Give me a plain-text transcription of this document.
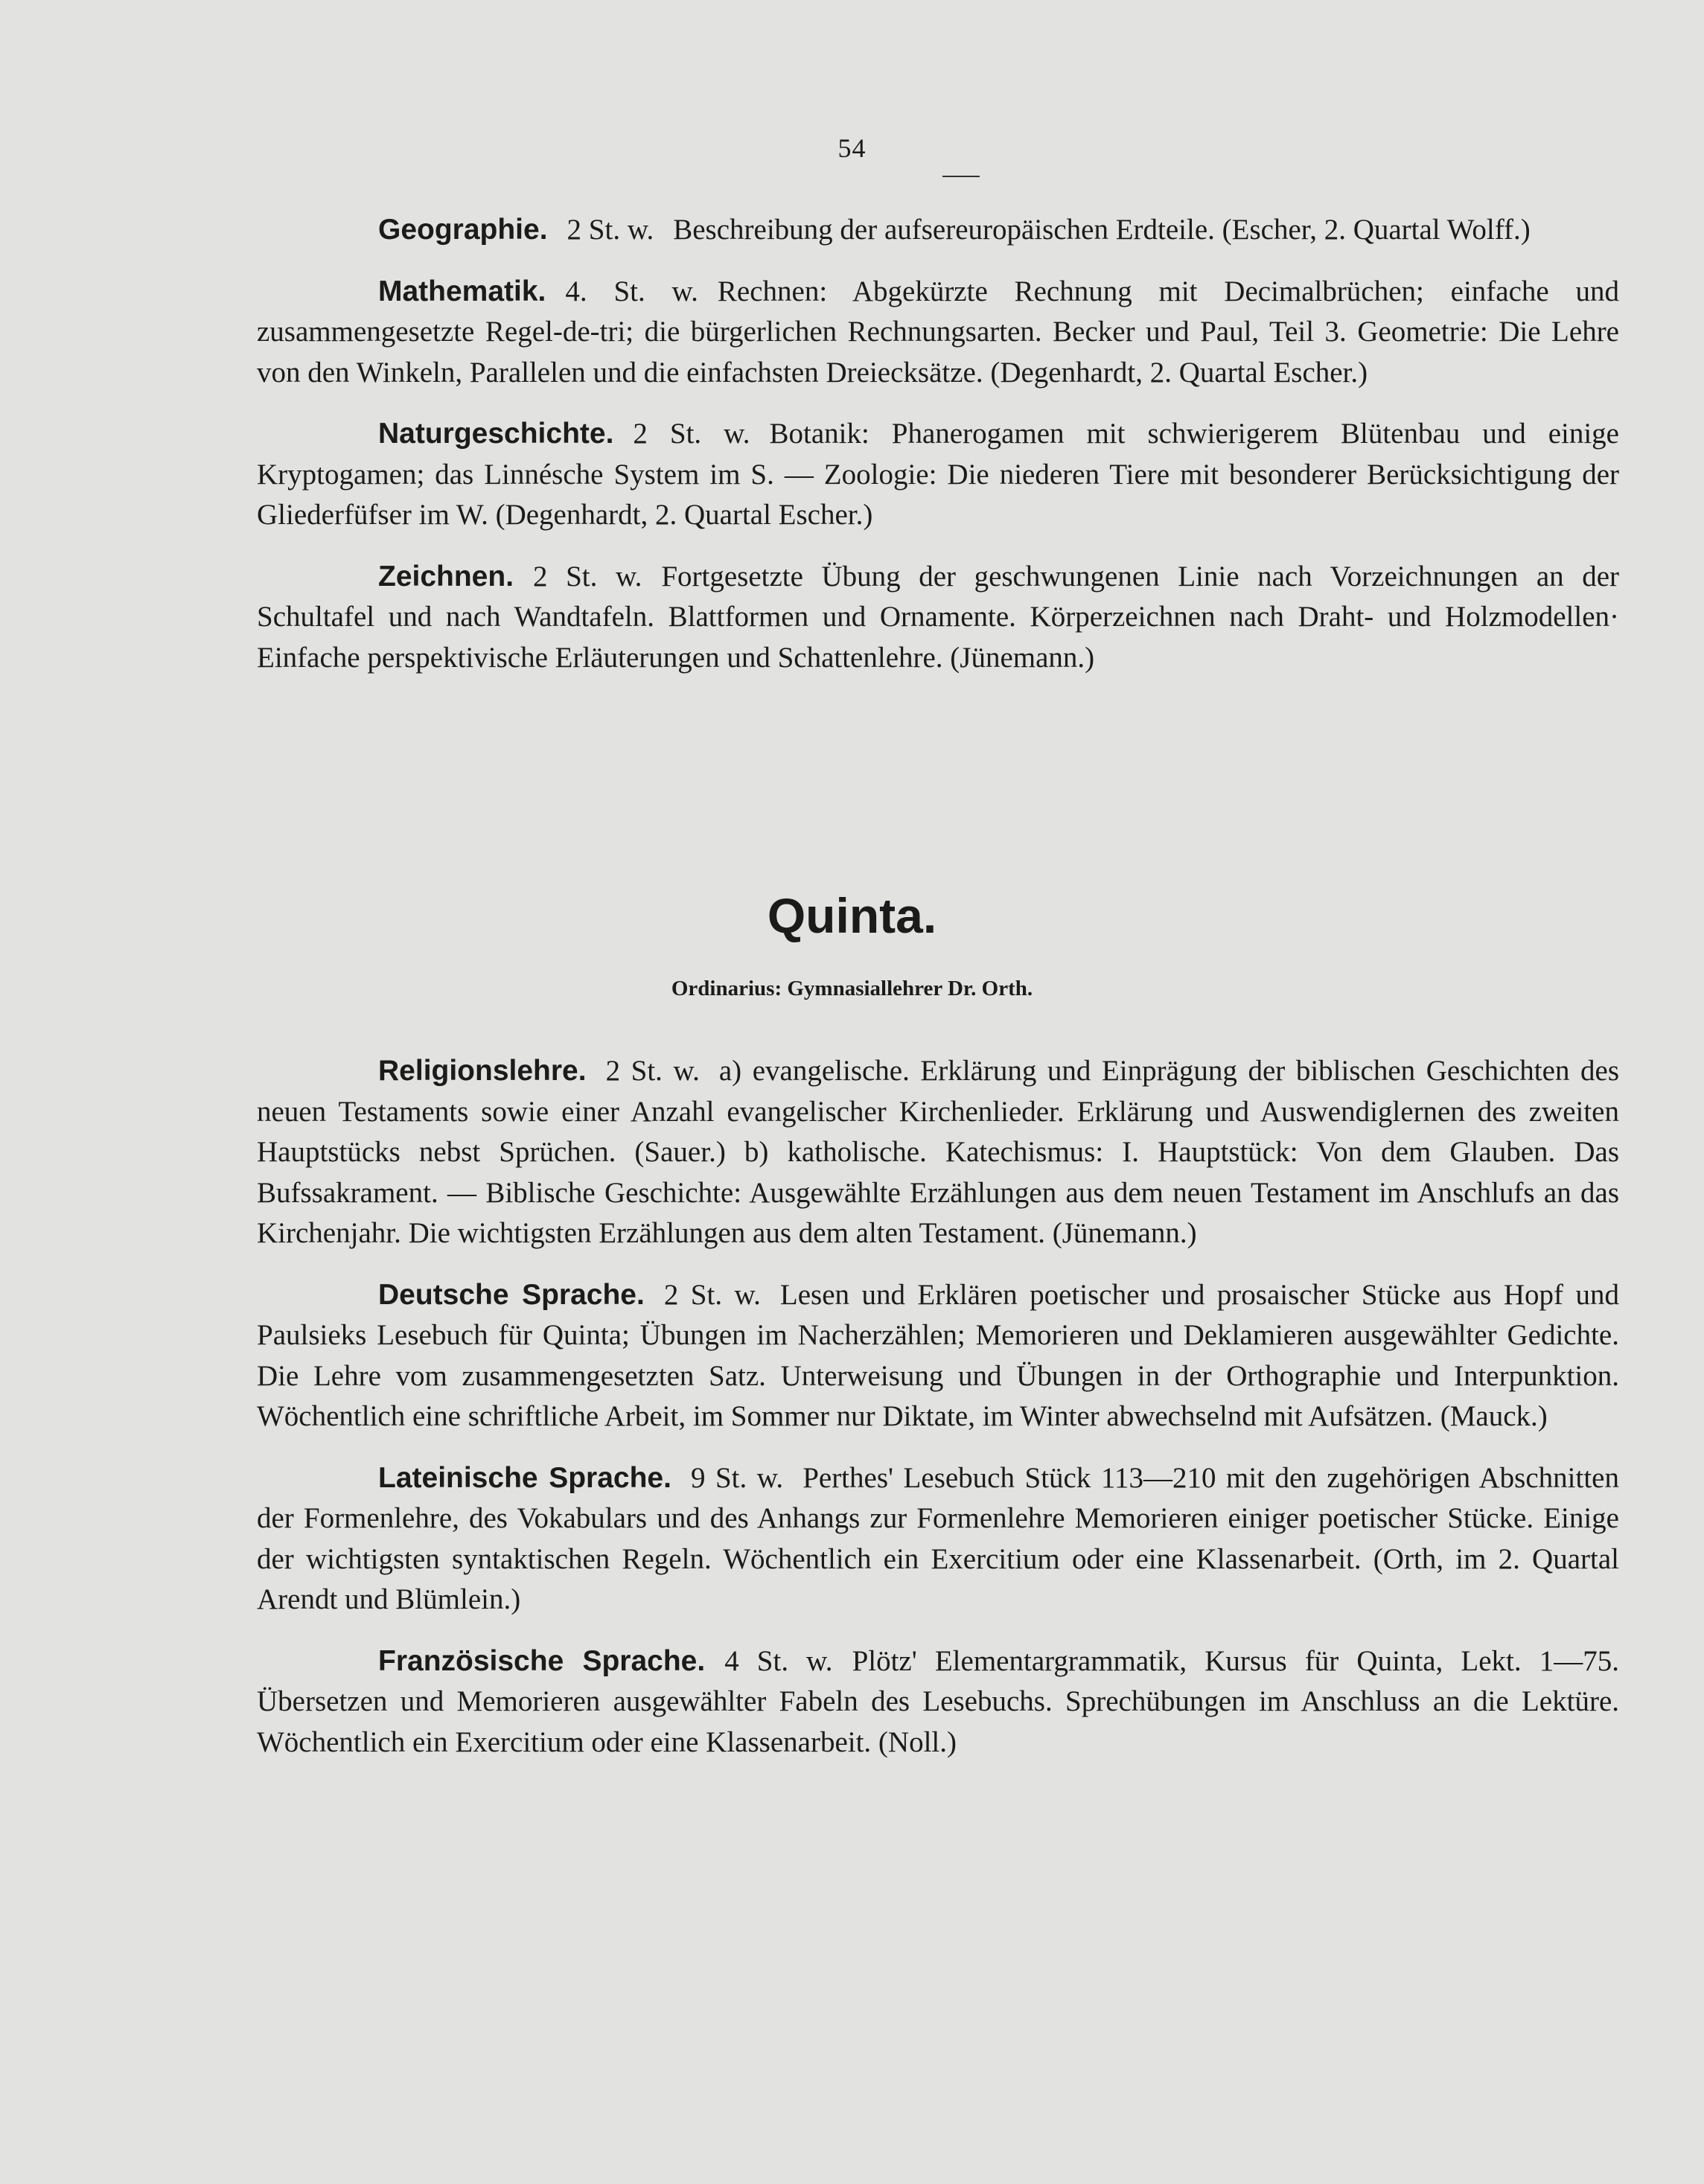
54

Geographie. 2 St. w. Beschreibung der aufsereuropäischen Erdteile. (Escher, 2. Quartal Wolff.)

Mathematik. 4. St. w. Rechnen: Abgekürzte Rechnung mit Decimalbrüchen; einfache und zusammengesetzte Regel-de-tri; die bürgerlichen Rechnungsarten. Becker und Paul, Teil 3. Geometrie: Die Lehre von den Winkeln, Parallelen und die einfachsten Dreiecksätze. (Degenhardt, 2. Quartal Escher.)

Naturgeschichte. 2 St. w. Botanik: Phanerogamen mit schwierigerem Blütenbau und einige Kryptogamen; das Linnésche System im S. — Zoologie: Die niederen Tiere mit besonderer Berücksichtigung der Gliederfüfser im W. (Degenhardt, 2. Quartal Escher.)

Zeichnen. 2 St. w. Fortgesetzte Übung der geschwungenen Linie nach Vorzeichnungen an der Schultafel und nach Wandtafeln. Blattformen und Ornamente. Körperzeichnen nach Draht- und Holzmodellen· Einfache perspektivische Erläuterungen und Schattenlehre. (Jünemann.)

Quinta.
Ordinarius: Gymnasiallehrer Dr. Orth.

Religionslehre. 2 St. w. a) evangelische. Erklärung und Einprägung der biblischen Geschichten des neuen Testaments sowie einer Anzahl evangelischer Kirchenlieder. Erklärung und Auswendiglernen des zweiten Hauptstücks nebst Sprüchen. (Sauer.) b) katholische. Katechismus: I. Hauptstück: Von dem Glauben. Das Bufssakrament. — Biblische Geschichte: Ausgewählte Erzählungen aus dem neuen Testament im Anschlufs an das Kirchenjahr. Die wichtigsten Erzählungen aus dem alten Testament. (Jünemann.)

Deutsche Sprache. 2 St. w. Lesen und Erklären poetischer und prosaischer Stücke aus Hopf und Paulsieks Lesebuch für Quinta; Übungen im Nacherzählen; Memorieren und Deklamieren ausgewählter Gedichte. Die Lehre vom zusammengesetzten Satz. Unterweisung und Übungen in der Orthographie und Interpunktion. Wöchentlich eine schriftliche Arbeit, im Sommer nur Diktate, im Winter abwechselnd mit Aufsätzen. (Mauck.)

Lateinische Sprache. 9 St. w. Perthes' Lesebuch Stück 113—210 mit den zugehörigen Abschnitten der Formenlehre, des Vokabulars und des Anhangs zur Formenlehre Memorieren einiger poetischer Stücke. Einige der wichtigsten syntaktischen Regeln. Wöchentlich ein Exercitium oder eine Klassenarbeit. (Orth, im 2. Quartal Arendt und Blümlein.)

Französische Sprache. 4 St. w. Plötz' Elementargrammatik, Kursus für Quinta, Lekt. 1—75. Übersetzen und Memorieren ausgewählter Fabeln des Lesebuchs. Sprechübungen im Anschluss an die Lektüre. Wöchentlich ein Exercitium oder eine Klassenarbeit. (Noll.)
